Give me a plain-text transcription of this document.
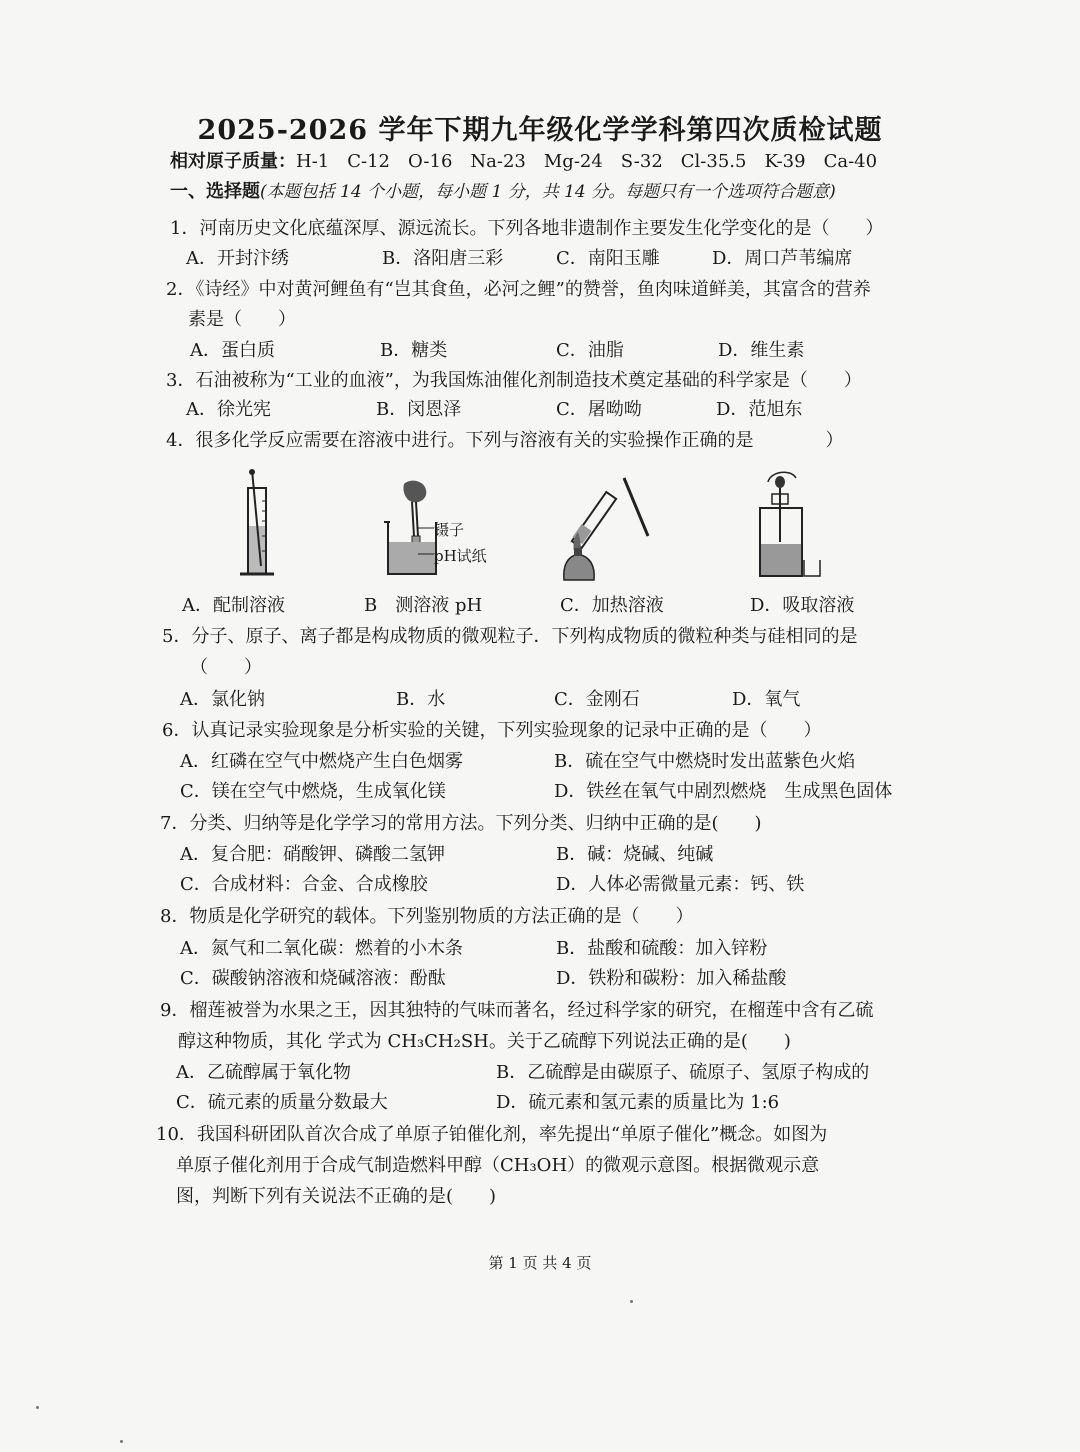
2025-2026 学年下期九年级化学学科第四次质检试题
相对原子质量：H-1　C-12　O-16　Na-23　Mg-24　S-32　Cl-35.5　K-39　Ca-40
一、选择题(本题包括 14 个小题，每小题 1 分，共 14 分。每题只有一个选项符合题意)
1．河南历史文化底蕴深厚、源远流长。下列各地非遗制作主要发生化学变化的是（　　）
A．开封汴绣	B．洛阳唐三彩	C．南阳玉雕	D．周口芦苇编席
2．《诗经》中对黄河鲤鱼有“岂其食鱼，必河之鲤”的赞誉，鱼肉味道鲜美，其富含的营养
素是（　　）
A．蛋白质	B．糖类	C．油脂	D．维生素
3．石油被称为“工业的血液”，为我国炼油催化剂制造技术奠定基础的科学家是（　　）
A．徐光宪	B．闵恩泽	C．屠呦呦	D．范旭东
4．很多化学反应需要在溶液中进行。下列与溶液有关的实验操作正确的是　　　　）
镊子
pH试纸
A．配制溶液	B　测溶液 pH	C．加热溶液	D．吸取溶液
5．分子、原子、离子都是构成物质的微观粒子．下列构成物质的微粒种类与硅相同的是
（　　）
A．氯化钠	B．水	C．金刚石	D．氧气
6．认真记录实验现象是分析实验的关键，下列实验现象的记录中正确的是（　　）
A．红磷在空气中燃烧产生白色烟雾	B．硫在空气中燃烧时发出蓝紫色火焰
C．镁在空气中燃烧，生成氧化镁	D．铁丝在氧气中剧烈燃烧　生成黑色固体
7．分类、归纳等是化学学习的常用方法。下列分类、归纳中正确的是(　　)
A．复合肥：硝酸钾、磷酸二氢钾	B．碱：烧碱、纯碱
C．合成材料：合金、合成橡胶	D．人体必需微量元素：钙、铁
8．物质是化学研究的载体。下列鉴别物质的方法正确的是（　　）
A．氮气和二氧化碳：燃着的小木条	B．盐酸和硫酸：加入锌粉
C．碳酸钠溶液和烧碱溶液：酚酞	D．铁粉和碳粉：加入稀盐酸
9．榴莲被誉为水果之王，因其独特的气味而著名，经过科学家的研究，在榴莲中含有乙硫
醇这种物质，其化 学式为 CH₃CH₂SH。关于乙硫醇下列说法正确的是(　　)
A．乙硫醇属于氧化物	B．乙硫醇是由碳原子、硫原子、氢原子构成的
C．硫元素的质量分数最大	D．硫元素和氢元素的质量比为 1:6
10．我国科研团队首次合成了单原子铂催化剂，率先提出“单原子催化”概念。如图为
单原子催化剂用于合成气制造燃料甲醇（CH₃OH）的微观示意图。根据微观示意
图，判断下列有关说法不正确的是(　　)
第 1 页 共 4 页
